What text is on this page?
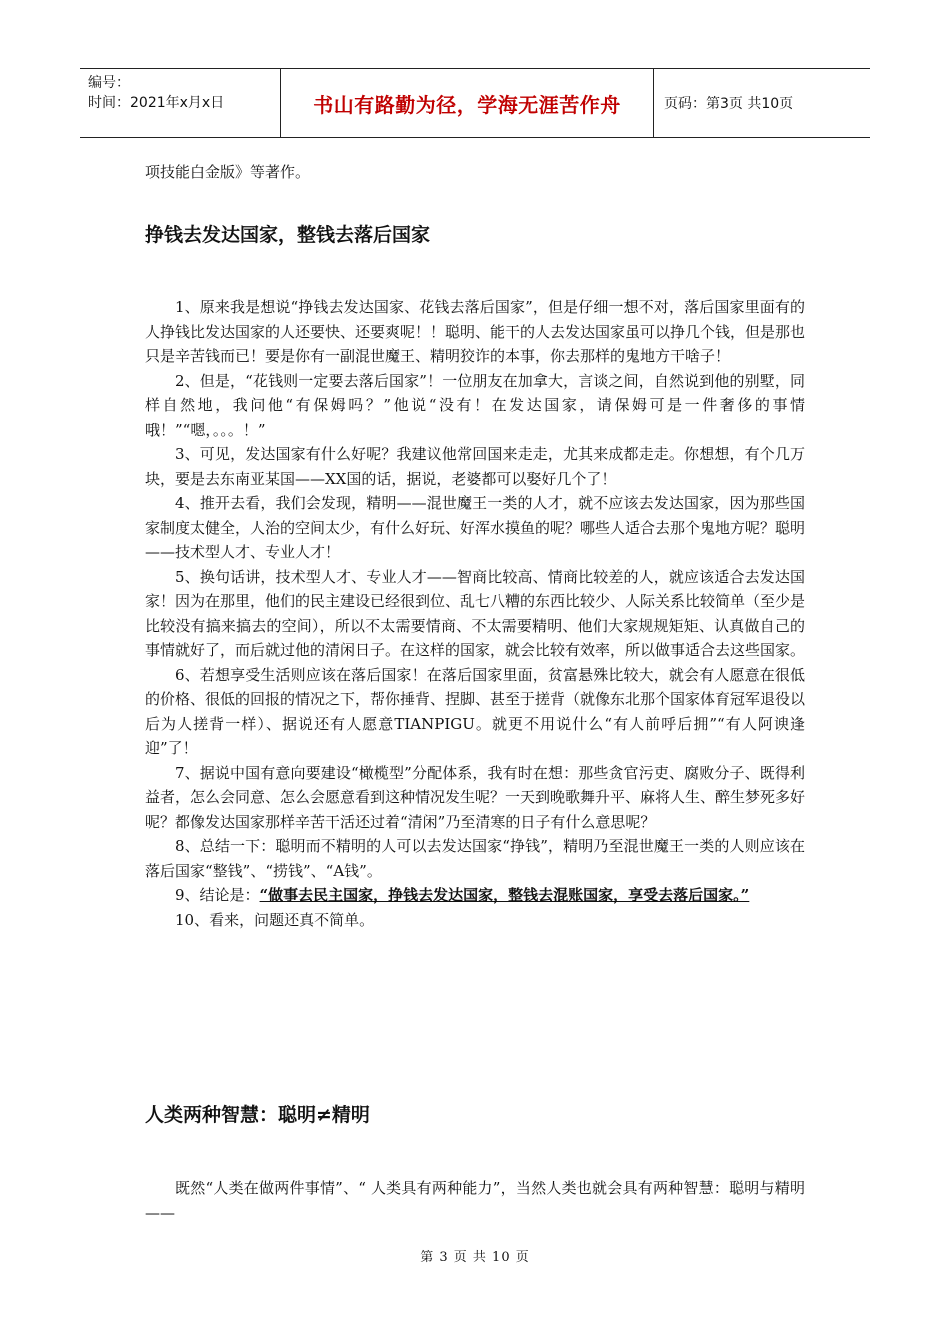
编号：
时间：2021年x月x日	书山有路勤为径，学海无涯苦作舟	页码：第3页 共10页

项技能白金版》等著作。

挣钱去发达国家，整钱去落后国家

1、原来我是想说“挣钱去发达国家、花钱去落后国家”，但是仔细一想不对，落后国家里面有的人挣钱比发达国家的人还要快、还要爽呢！！聪明、能干的人去发达国家虽可以挣几个钱，但是那也只是辛苦钱而已！要是你有一副混世魔王、精明狡诈的本事，你去那样的鬼地方干啥子！

2、但是，“花钱则一定要去落后国家”！一位朋友在加拿大，言谈之间，自然说到他的别墅，同样自然地，我问他“有保姆吗？”他说“没有！在发达国家，请保姆可是一件奢侈的事情哦！”“嗯，。。。！”

3、可见，发达国家有什么好呢？我建议他常回国来走走，尤其来成都走走。你想想，有个几万块，要是去东南亚某国——XX国的话，据说，老婆都可以娶好几个了！

4、推开去看，我们会发现，精明——混世魔王一类的人才，就不应该去发达国家，因为那些国家制度太健全，人治的空间太少，有什么好玩、好浑水摸鱼的呢？哪些人适合去那个鬼地方呢？聪明——技术型人才、专业人才！

5、换句话讲，技术型人才、专业人才——智商比较高、情商比较差的人，就应该适合去发达国家！因为在那里，他们的民主建设已经很到位、乱七八糟的东西比较少、人际关系比较简单（至少是比较没有搞来搞去的空间），所以不太需要情商、不太需要精明、他们大家规规矩矩、认真做自己的事情就好了，而后就过他的清闲日子。在这样的国家，就会比较有效率，所以做事适合去这些国家。

6、若想享受生活则应该在落后国家！在落后国家里面，贫富悬殊比较大，就会有人愿意在很低的价格、很低的回报的情况之下，帮你捶背、捏脚、甚至于搓背（就像东北那个国家体育冠军退役以后为人搓背一样）、据说还有人愿意TIANPIGU。就更不用说什么“有人前呼后拥”“有人阿谀逢迎”了！

7、据说中国有意向要建设“橄榄型”分配体系，我有时在想：那些贪官污吏、腐败分子、既得利益者，怎么会同意、怎么会愿意看到这种情况发生呢？一天到晚歌舞升平、麻将人生、醉生梦死多好呢？都像发达国家那样辛苦干活还过着“清闲”乃至清寒的日子有什么意思呢？

8、总结一下：聪明而不精明的人可以去发达国家“挣钱”，精明乃至混世魔王一类的人则应该在落后国家“整钱”、“捞钱”、“A钱”。

9、结论是：“做事去民主国家，挣钱去发达国家，整钱去混账国家，享受去落后国家。”

10、看来，问题还真不简单。

人类两种智慧：聪明≠精明

既然“人类在做两件事情”、“ 人类具有两种能力”，当然人类也就会具有两种智慧：聪明与精明——

第 3 页 共 10 页
